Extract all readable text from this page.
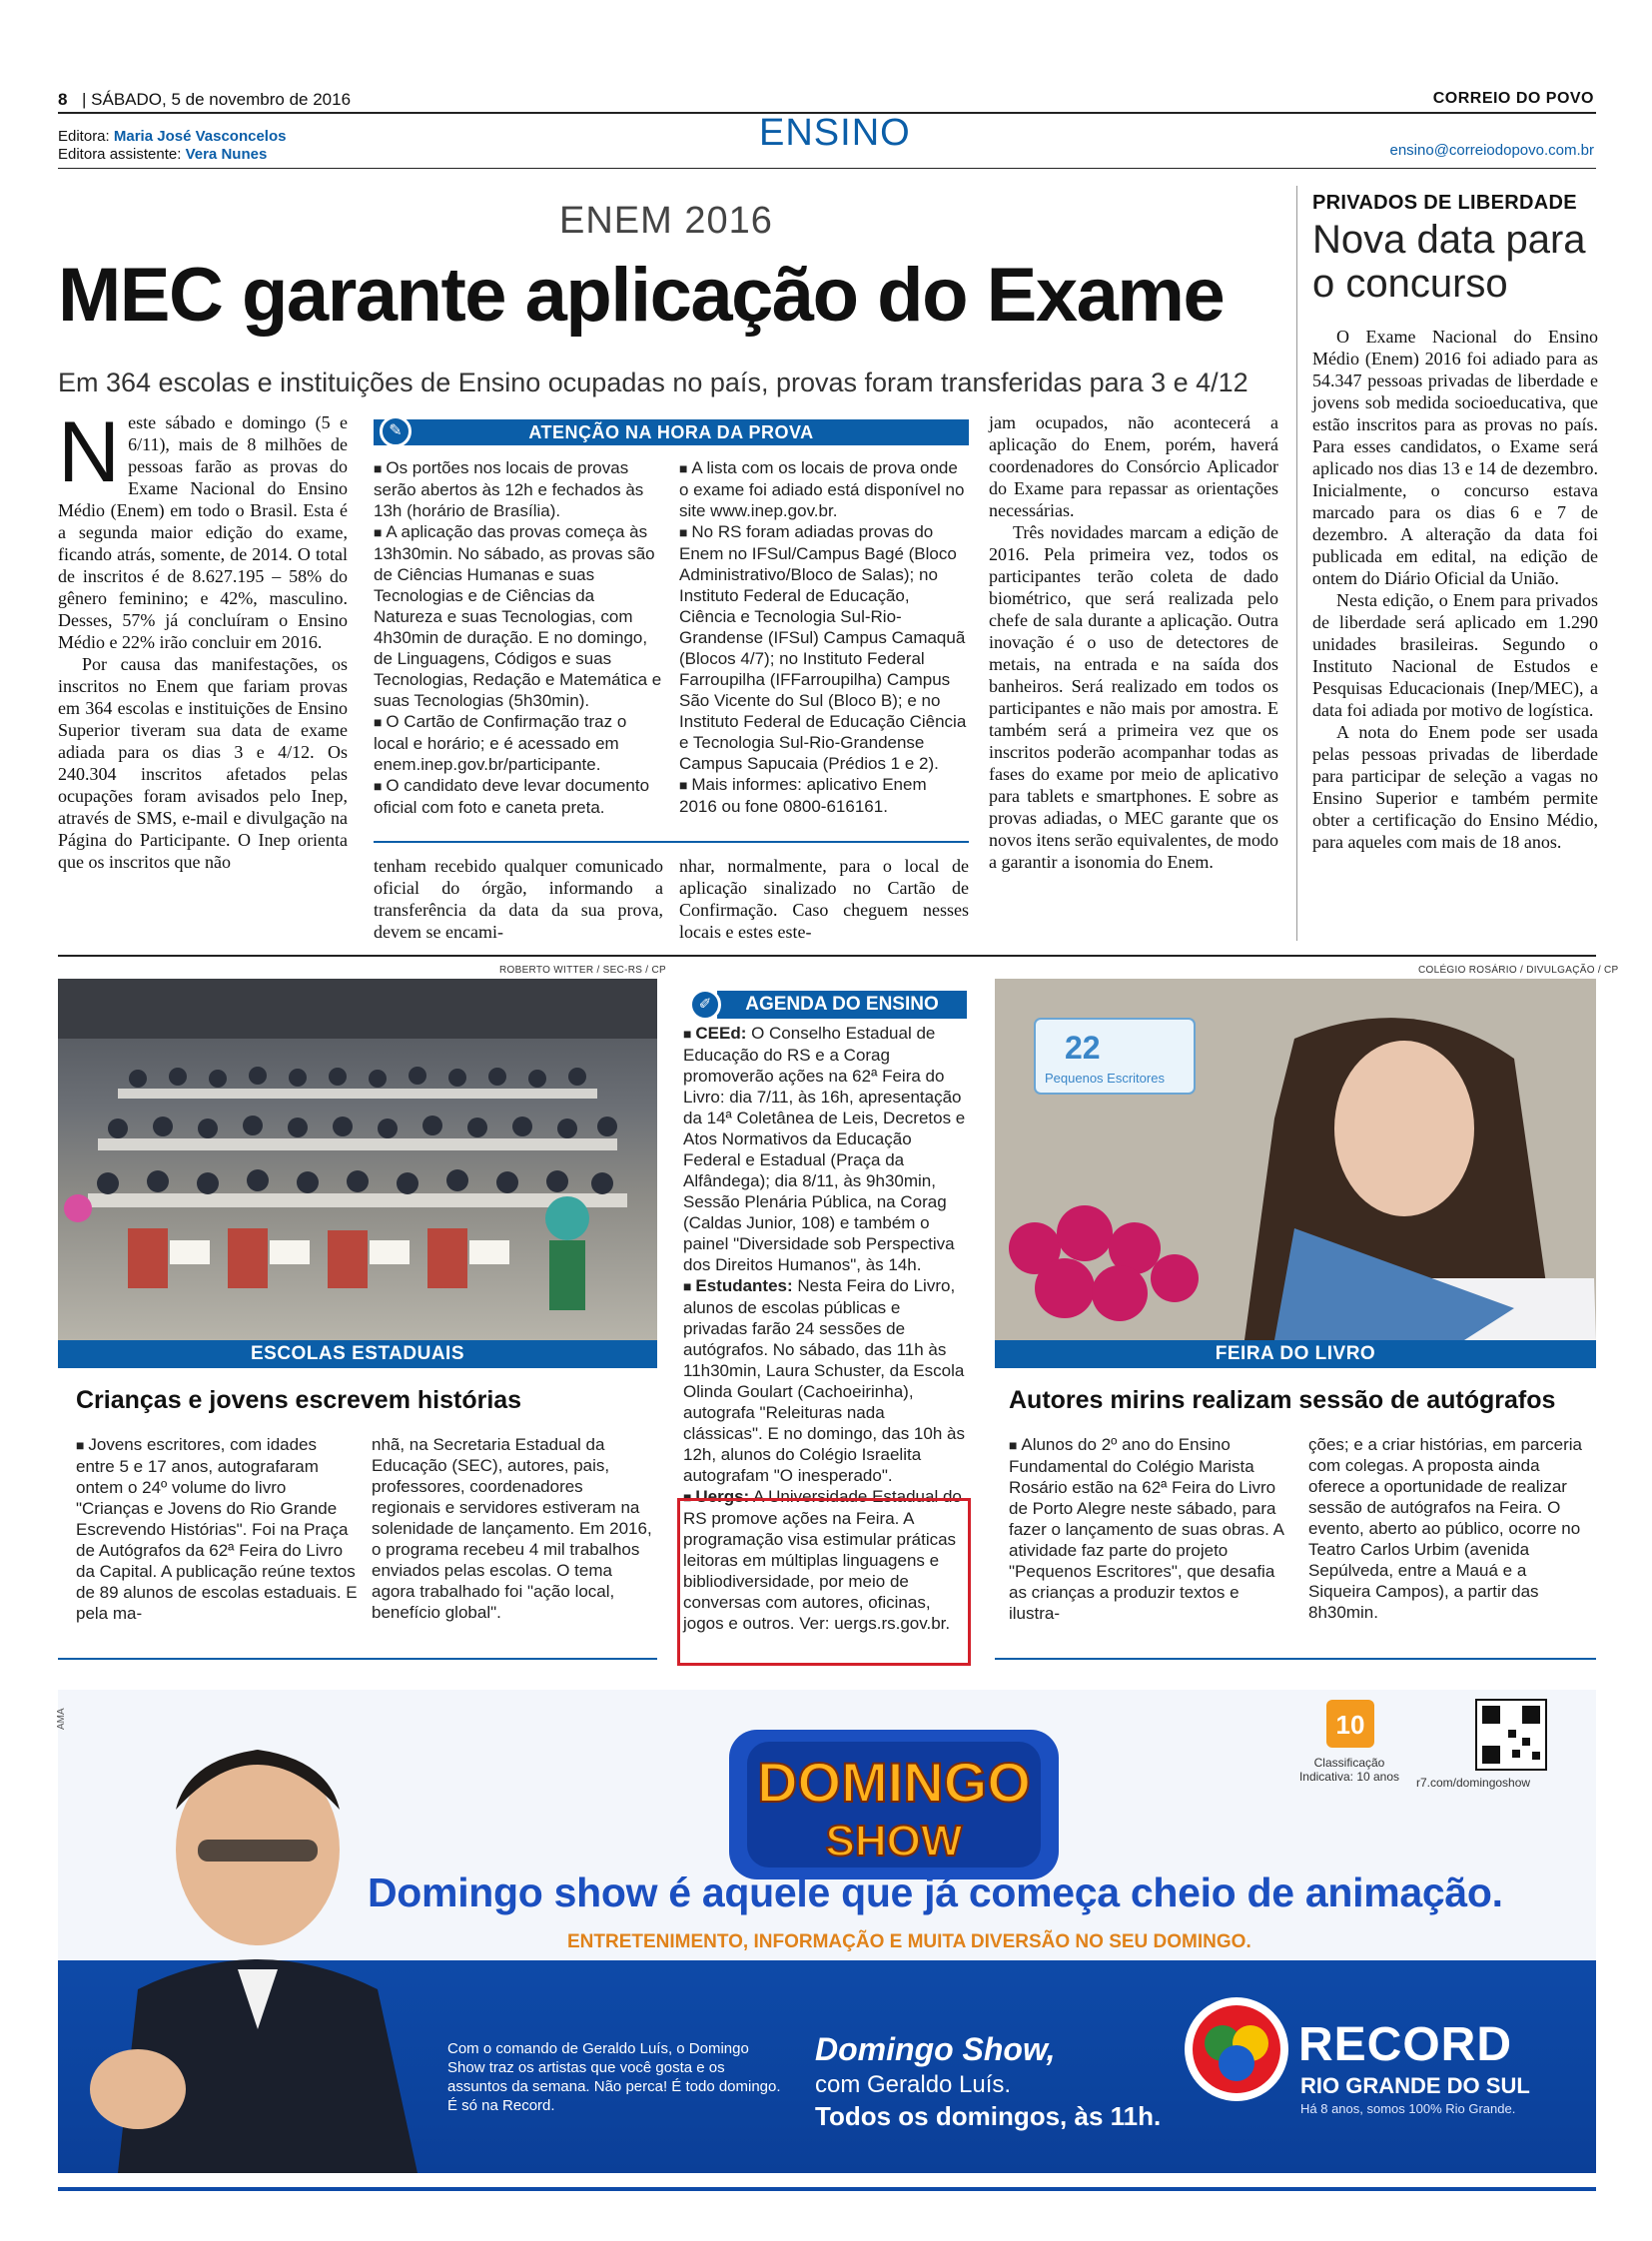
8 | SÁBADO, 5 de novembro de 2016	CORREIO DO POVO
Editora: Maria José Vasconcelos
Editora assistente: Vera Nunes
ENSINO	ensino@correiodopovo.com.br
ENEM 2016
MEC garante aplicação do Exame
Em 364 escolas e instituições de Ensino ocupadas no país, provas foram transferidas para 3 e 4/12
N este sábado e domingo (5 e 6/11), mais de 8 milhões de pessoas farão as provas do Exame Nacional do Ensino Médio (Enem) em todo o Brasil. Esta é a segunda maior edição do exame, ficando atrás, somente, de 2014. O total de inscritos é de 8.627.195 – 58% do gênero feminino; e 42%, masculino. Desses, 57% já concluíram o Ensino Médio e 22% irão concluir em 2016.

Por causa das manifestações, os inscritos no Enem que fariam provas em 364 escolas e instituições de Ensino Superior tiveram sua data de exame adiada para os dias 3 e 4/12. Os 240.304 inscritos afetados pelas ocupações foram avisados pelo Inep, através de SMS, e-mail e divulgação na Página do Participante. O Inep orienta que os inscritos que não	tenham recebido qualquer comunicado oficial do órgão, informando a transferência da data da sua prova, devem se encami-
nhar, normalmente, para o local de aplicação sinalizado no Cartão de Confirmação. Caso cheguem nesses locais e estes este-
jam ocupados, não acontecerá a aplicação do Enem, porém, haverá coordenadores do Consórcio Aplicador do Exame para repassar as orientações necessárias.

Três novidades marcam a edição de 2016. Pela primeira vez, todos os participantes terão coleta de dado biométrico, que será realizada pelo chefe de sala durante a aplicação. Outra inovação é o uso de detectores de metais, na entrada e na saída dos banheiros. Será realizado em todos os participantes e não mais por amostra. E também será a primeira vez que os inscritos poderão acompanhar todas as fases do exame por meio de aplicativo para tablets e smartphones. E sobre as provas adiadas, o MEC garante que os novos itens serão equivalentes, de modo a garantir a isonomia do Enem.

ATENÇÃO NA HORA DA PROVA
✎

■ Os portões nos locais de provas serão abertos às 12h e fechados às 13h (horário de Brasília).

■ A aplicação das provas começa às 13h30min. No sábado, as provas são de Ciências Humanas e suas Tecnologias e de Ciências da Natureza e suas Tecnologias, com 4h30min de duração. E no domingo, de Linguagens, Códigos e suas Tecnologias, Redação e Matemática e suas Tecnologias (5h30min).

■ O Cartão de Confirmação traz o local e horário; e é acessado em enem.inep.gov.br/participante.

■ O candidato deve levar documento oficial com foto e caneta preta.

■ A lista com os locais de prova onde o exame foi adiado está disponível no site www.inep.gov.br.

■ No RS foram adiadas provas do Enem no IFSul/Campus Bagé (Bloco Administrativo/Bloco de Salas); no Instituto Federal de Educação, Ciência e Tecnologia Sul-Rio-Grandense (IFSul) Campus Camaquã (Blocos 4/7); no Instituto Federal Farroupilha (IFFarroupilha) Campus São Vicente do Sul (Bloco B); e no Instituto Federal de Educação Ciência e Tecnologia Sul-Rio-Grandense Campus Sapucaia (Prédios 1 e 2).

■ Mais informes: aplicativo Enem 2016 ou fone 0800-616161.

PRIVADOS DE LIBERDADE
Nova data para o concurso

O Exame Nacional do Ensino Médio (Enem) 2016 foi adiado para as 54.347 pessoas privadas de liberdade e jovens sob medida socioeducativa, que estão inscritos para as provas no país. Para esses candidatos, o Exame será aplicado nos dias 13 e 14 de dezembro. Inicialmente, o concurso estava marcado para os dias 6 e 7 de dezembro. A alteração da data foi publicada em edital, na edição de ontem do Diário Oficial da União.

Nesta edição, o Enem para privados de liberdade será aplicado em 1.290 unidades brasileiras. Segundo o Instituto Nacional de Estudos e Pesquisas Educacionais (Inep/MEC), a data foi adiada por motivo de logística.

A nota do Enem pode ser usada pelas pessoas privadas de liberdade para participar de seleção a vagas no Ensino Superior e também permite obter a certificação do Ensino Médio, para aqueles com mais de 18 anos.

ROBERTO WITTER / SEC-RS / CP
ESCOLAS ESTADUAIS
Crianças e jovens escrevem histórias
■ Jovens escritores, com idades entre 5 e 17 anos, autografaram ontem o 24º volume do livro "Crianças e Jovens do Rio Grande Escrevendo Histórias". Foi na Praça de Autógrafos da 62ª Feira do Livro da Capital. A publicação reúne textos de 89 alunos de escolas estaduais. E pela ma-
nhã, na Secretaria Estadual da Educação (SEC), autores, pais, professores, coordenadores regionais e servidores estiveram na solenidade de lançamento. Em 2016, o programa recebeu 4 mil trabalhos enviados pelas escolas. O tema agora trabalhado foi "ação local, benefício global".
AGENDA DO ENSINO
✐

■ CEEd: O Conselho Estadual de Educação do RS e a Corag promoverão ações na 62ª Feira do Livro: dia 7/11, às 16h, apresentação da 14ª Coletânea de Leis, Decretos e Atos Normativos da Educação Federal e Estadual (Praça da Alfândega); dia 8/11, às 9h30min, Sessão Plenária Pública, na Corag (Caldas Junior, 108) e também o painel "Diversidade sob Perspectiva dos Direitos Humanos", às 14h.

■ Estudantes: Nesta Feira do Livro, alunos de escolas públicas e privadas farão 24 sessões de autógrafos. No sábado, das 11h às 11h30min, Laura Schuster, da Escola Olinda Goulart (Cachoeirinha), autografa "Releituras nada clássicas". E no domingo, das 10h às 12h, alunos do Colégio Israelita autografam "O inesperado".

■ Uergs: A Universidade Estadual do RS promove ações na Feira. A programação visa estimular práticas leitoras em múltiplas linguagens e bibliodiversidade, por meio de conversas com autores, oficinas, jogos e outros. Ver: uergs.rs.gov.br.

COLÉGIO ROSÁRIO / DIVULGAÇÃO / CP
22
Pequenos Escritores
FEIRA DO LIVRO
Autores mirins realizam sessão de autógrafos
■ Alunos do 2º ano do Ensino Fundamental do Colégio Marista Rosário estão na 62ª Feira do Livro de Porto Alegre neste sábado, para fazer o lançamento de suas obras. A atividade faz parte do projeto "Pequenos Escritores", que desafia as crianças a produzir textos e ilustra-
ções; e a criar histórias, em parceria com colegas. A proposta ainda oferece a oportunidade de realizar sessão de autógrafos na Feira. O evento, aberto ao público, ocorre no Teatro Carlos Urbim (avenida Sepúlveda, entre a Mauá e a Siqueira Campos), a partir das 8h30min.
DOMINGO
SHOW
10
AMA
Classificação Indicativa: 10 anos	r7.com/domingoshow
Domingo show é aquele que já começa cheio de animação.
ENTRETENIMENTO, INFORMAÇÃO E MUITA DIVERSÃO NO SEU DOMINGO.
Com o comando de Geraldo Luís, o Domingo Show traz os artistas que você gosta e os assuntos da semana. Não perca! É todo domingo. É só na Record.
Domingo Show,
com Geraldo Luís.
Todos os domingos, às 11h.
RECORD
RIO GRANDE DO SUL
Há 8 anos, somos 100% Rio Grande.
